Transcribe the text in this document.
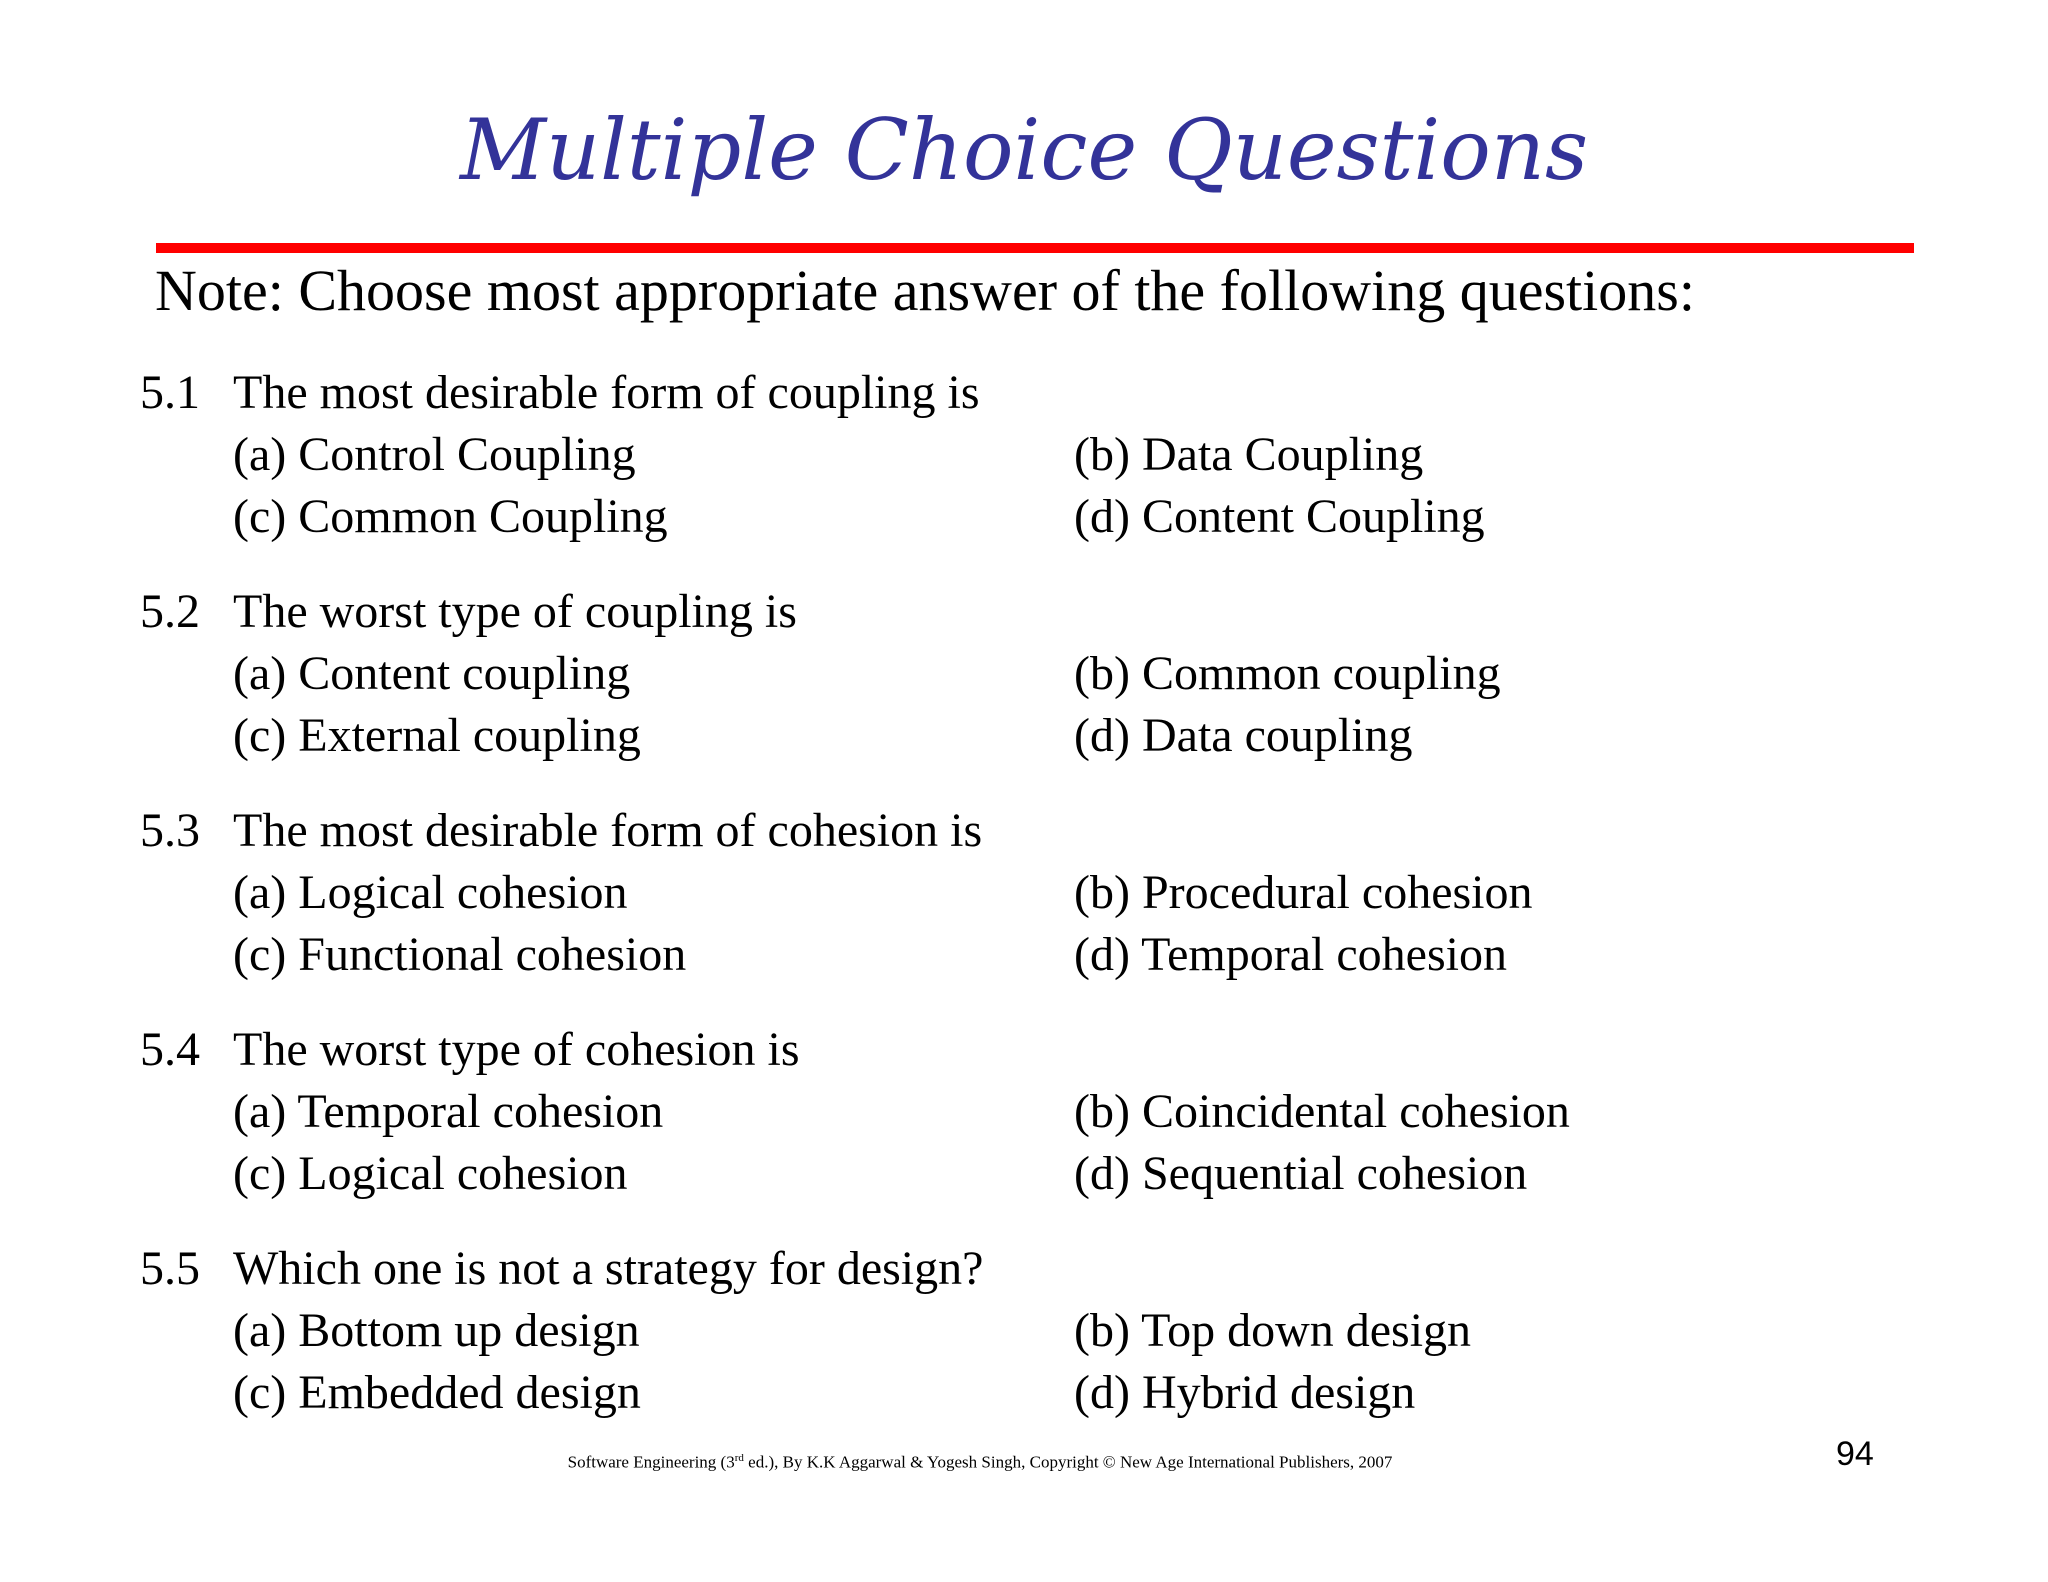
Multiple Choice Questions
Note: Choose most appropriate answer of the following questions:
5.1 The most desirable form of coupling is
(a) Control Coupling	(b) Data Coupling
(c) Common Coupling	(d) Content Coupling
5.2 The worst type of coupling is
(a) Content coupling	(b) Common coupling
(c) External coupling	(d) Data coupling
5.3 The most desirable form of cohesion is
(a) Logical cohesion	(b) Procedural cohesion
(c) Functional cohesion	(d) Temporal cohesion
5.4 The worst type of cohesion is
(a) Temporal cohesion	(b) Coincidental cohesion
(c) Logical cohesion	(d) Sequential cohesion
5.5 Which one is not a strategy for design?
(a) Bottom up design	(b) Top down design
(c) Embedded design	(d) Hybrid design
Software Engineering (3rd ed.), By K.K Aggarwal & Yogesh Singh, Copyright © New Age International Publishers, 2007	94
